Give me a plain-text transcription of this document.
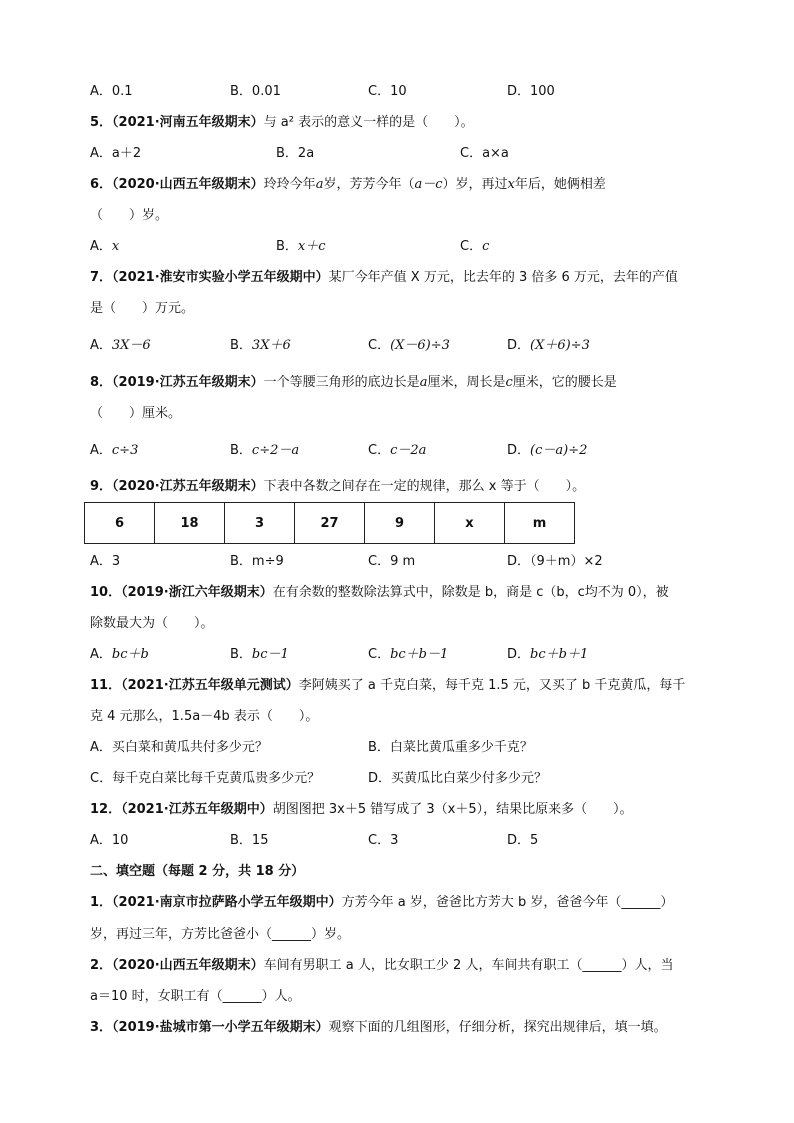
A．0.1	B．0.01	C．10	D．100
5．（2021·河南五年级期末）与 a² 表示的意义一样的是（　　）。
A．a＋2	B．2a	C．a×a
6．（2020·山西五年级期末）玲玲今年a岁，芳芳今年（a－c）岁，再过x年后，她俩相差
（　　）岁。
A．x	B．x＋c	C．c
7．（2021·淮安市实验小学五年级期中）某厂今年产值 X 万元，比去年的 3 倍多 6 万元，去年的产值
是（　　）万元。
A．3X－6	B．3X＋6	C．(X－6)÷3	D．(X＋6)÷3
8．（2019·江苏五年级期末）一个等腰三角形的底边长是a厘米，周长是c厘米，它的腰长是
（　　）厘米。
A．c÷3	B．c÷2－a	C．c－2a	D．(c－a)÷2
9．（2020·江苏五年级期末）下表中各数之间存在一定的规律，那么 x 等于（　　）。
6	18	3	27	9	x	m
A．3	B．m÷9	C．9 m	D．（9＋m）×2
10．（2019·浙江六年级期末）在有余数的整数除法算式中，除数是 b，商是 c（b，c均不为 0），被
除数最大为（　　）。
A．bc＋b	B．bc－1	C．bc＋b－1	D．bc＋b＋1
11．（2021·江苏五年级单元测试）李阿姨买了 a 千克白菜，每千克 1.5 元，又买了 b 千克黄瓜，每千
克 4 元那么，1.5a－4b 表示（　　）。
A．买白菜和黄瓜共付多少元？	B．白菜比黄瓜重多少千克？
C．每千克白菜比每千克黄瓜贵多少元？	D．买黄瓜比白菜少付多少元？
12．（2021·江苏五年级期中）胡图图把 3x＋5 错写成了 3（x＋5），结果比原来多（　　）。
A．10	B．15	C．3	D．5
二、填空题（每题 2 分，共 18 分）
1．（2021·南京市拉萨路小学五年级期中）方芳今年 a 岁，爸爸比方芳大 b 岁，爸爸今年（______）
岁，再过三年，方芳比爸爸小（______）岁。
2．（2020·山西五年级期末）车间有男职工 a 人，比女职工少 2 人，车间共有职工（______）人，当
a＝10 时，女职工有（______）人。
3．（2019·盐城市第一小学五年级期末）观察下面的几组图形，仔细分析，探究出规律后，填一填。
